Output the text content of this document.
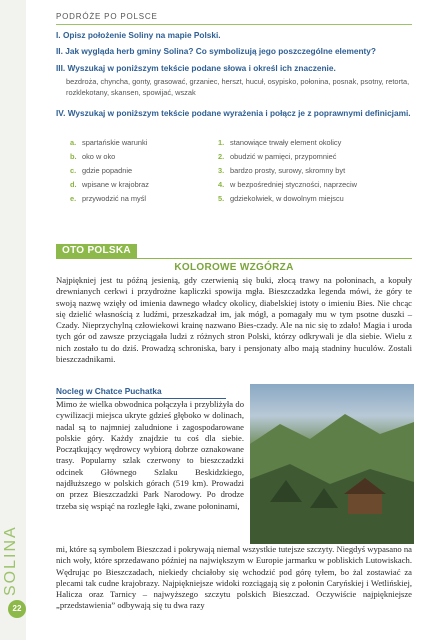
PODRÓŻE PO POLSCE

I. Opisz położenie Soliny na mapie Polski.

II. Jak wygląda herb gminy Solina? Co symbolizują jego poszczególne elementy?

III. Wyszukaj w poniższym tekście podane słowa i określ ich znaczenie.

bezdroża, chyncha, gonty, grasować, grzaniec, herszt, hucuł, osypisko, połonina, posnak, psotny, retorta, rozklekotany, skansen, spowijać, wszak

IV. Wyszukaj w poniższym tekście podane wyrażenia i połącz je z poprawnymi definicjami.

a. spartańskie warunki	1. stanowiące trwały element okolicy
b. oko w oko	2. obudzić w pamięci, przypomnieć
c. gdzie popadnie	3. bardzo prosty, surowy, skromny byt
d. wpisane w krajobraz	4. w bezpośredniej styczności, naprzeciw
e. przywodzić na myśl	5. gdziekolwiek, w dowolnym miejscu
OTO POLSKA
KOLOROWE WZGÓRZA

Najpiękniej jest tu późną jesienią, gdy czerwienią się buki, złocą trawy na połoninach, a kopuły drewnianych cerkwi i przydrożne kapliczki spowija mgła. Bieszczadzka legenda mówi, że góry te swoją nazwę wzięły od imienia dawnego władcy okolicy, diabelskiej istoty o imieniu Bies. Nie chcąc się dzielić własnością z ludźmi, przeszkadzał im, jak mógł, a pomagały mu w tym psotne duszki – Czady. Nieprzychylną człowiekowi krainę nazwano Bies-czady. Ale na nic się to zdało! Magia i uroda tych gór od zawsze przyciągała ludzi z różnych stron Polski, którzy odkrywali je dla siebie. Wielu z nich zostało tu do dziś. Prowadzą schroniska, bary i pensjonaty albo mają stadniny huculów. Zostali bieszczadnikami.

Nocleg w Chatce Puchatka

Mimo że wielka obwodnica połączyła i przybliżyła do cywilizacji miejsca ukryte gdzieś głęboko w dolinach, nadal są to najmniej zaludnione i zagospodarowane polskie góry. Każdy znajdzie tu coś dla siebie. Początkujący wędrowcy wybiorą dobrze oznakowane trasy. Popularny szlak czerwony to bieszczadzki odcinek Głównego Szlaku Beskidzkiego, najdłuższego w polskich górach (519 km). Prowadzi on przez Bieszczadzki Park Narodowy. Po drodze trzeba się wspiąć na rozległe łąki, zwane połoninami,

mi, które są symbolem Bieszczad i pokrywają niemal wszystkie tutejsze szczyty. Niegdyś wypasano na nich woły, które sprzedawano później na największym w Europie jarmarku w pobliskich Lutowiskach. Wędrując po Bieszczadach, niekiedy chciałoby się wchodzić pod górę tyłem, bo żal zostawiać za plecami tak cudne krajobrazy. Najpiękniejsze widoki rozciągają się z połonin Caryńskiej i Wetlińskiej, Halicza oraz Tarnicy – najwyższego szczytu polskich Bieszczad. Oczywiście najpiękniejsze „przedstawienia” odbywają się tu dwa razy

SOLINA
22
